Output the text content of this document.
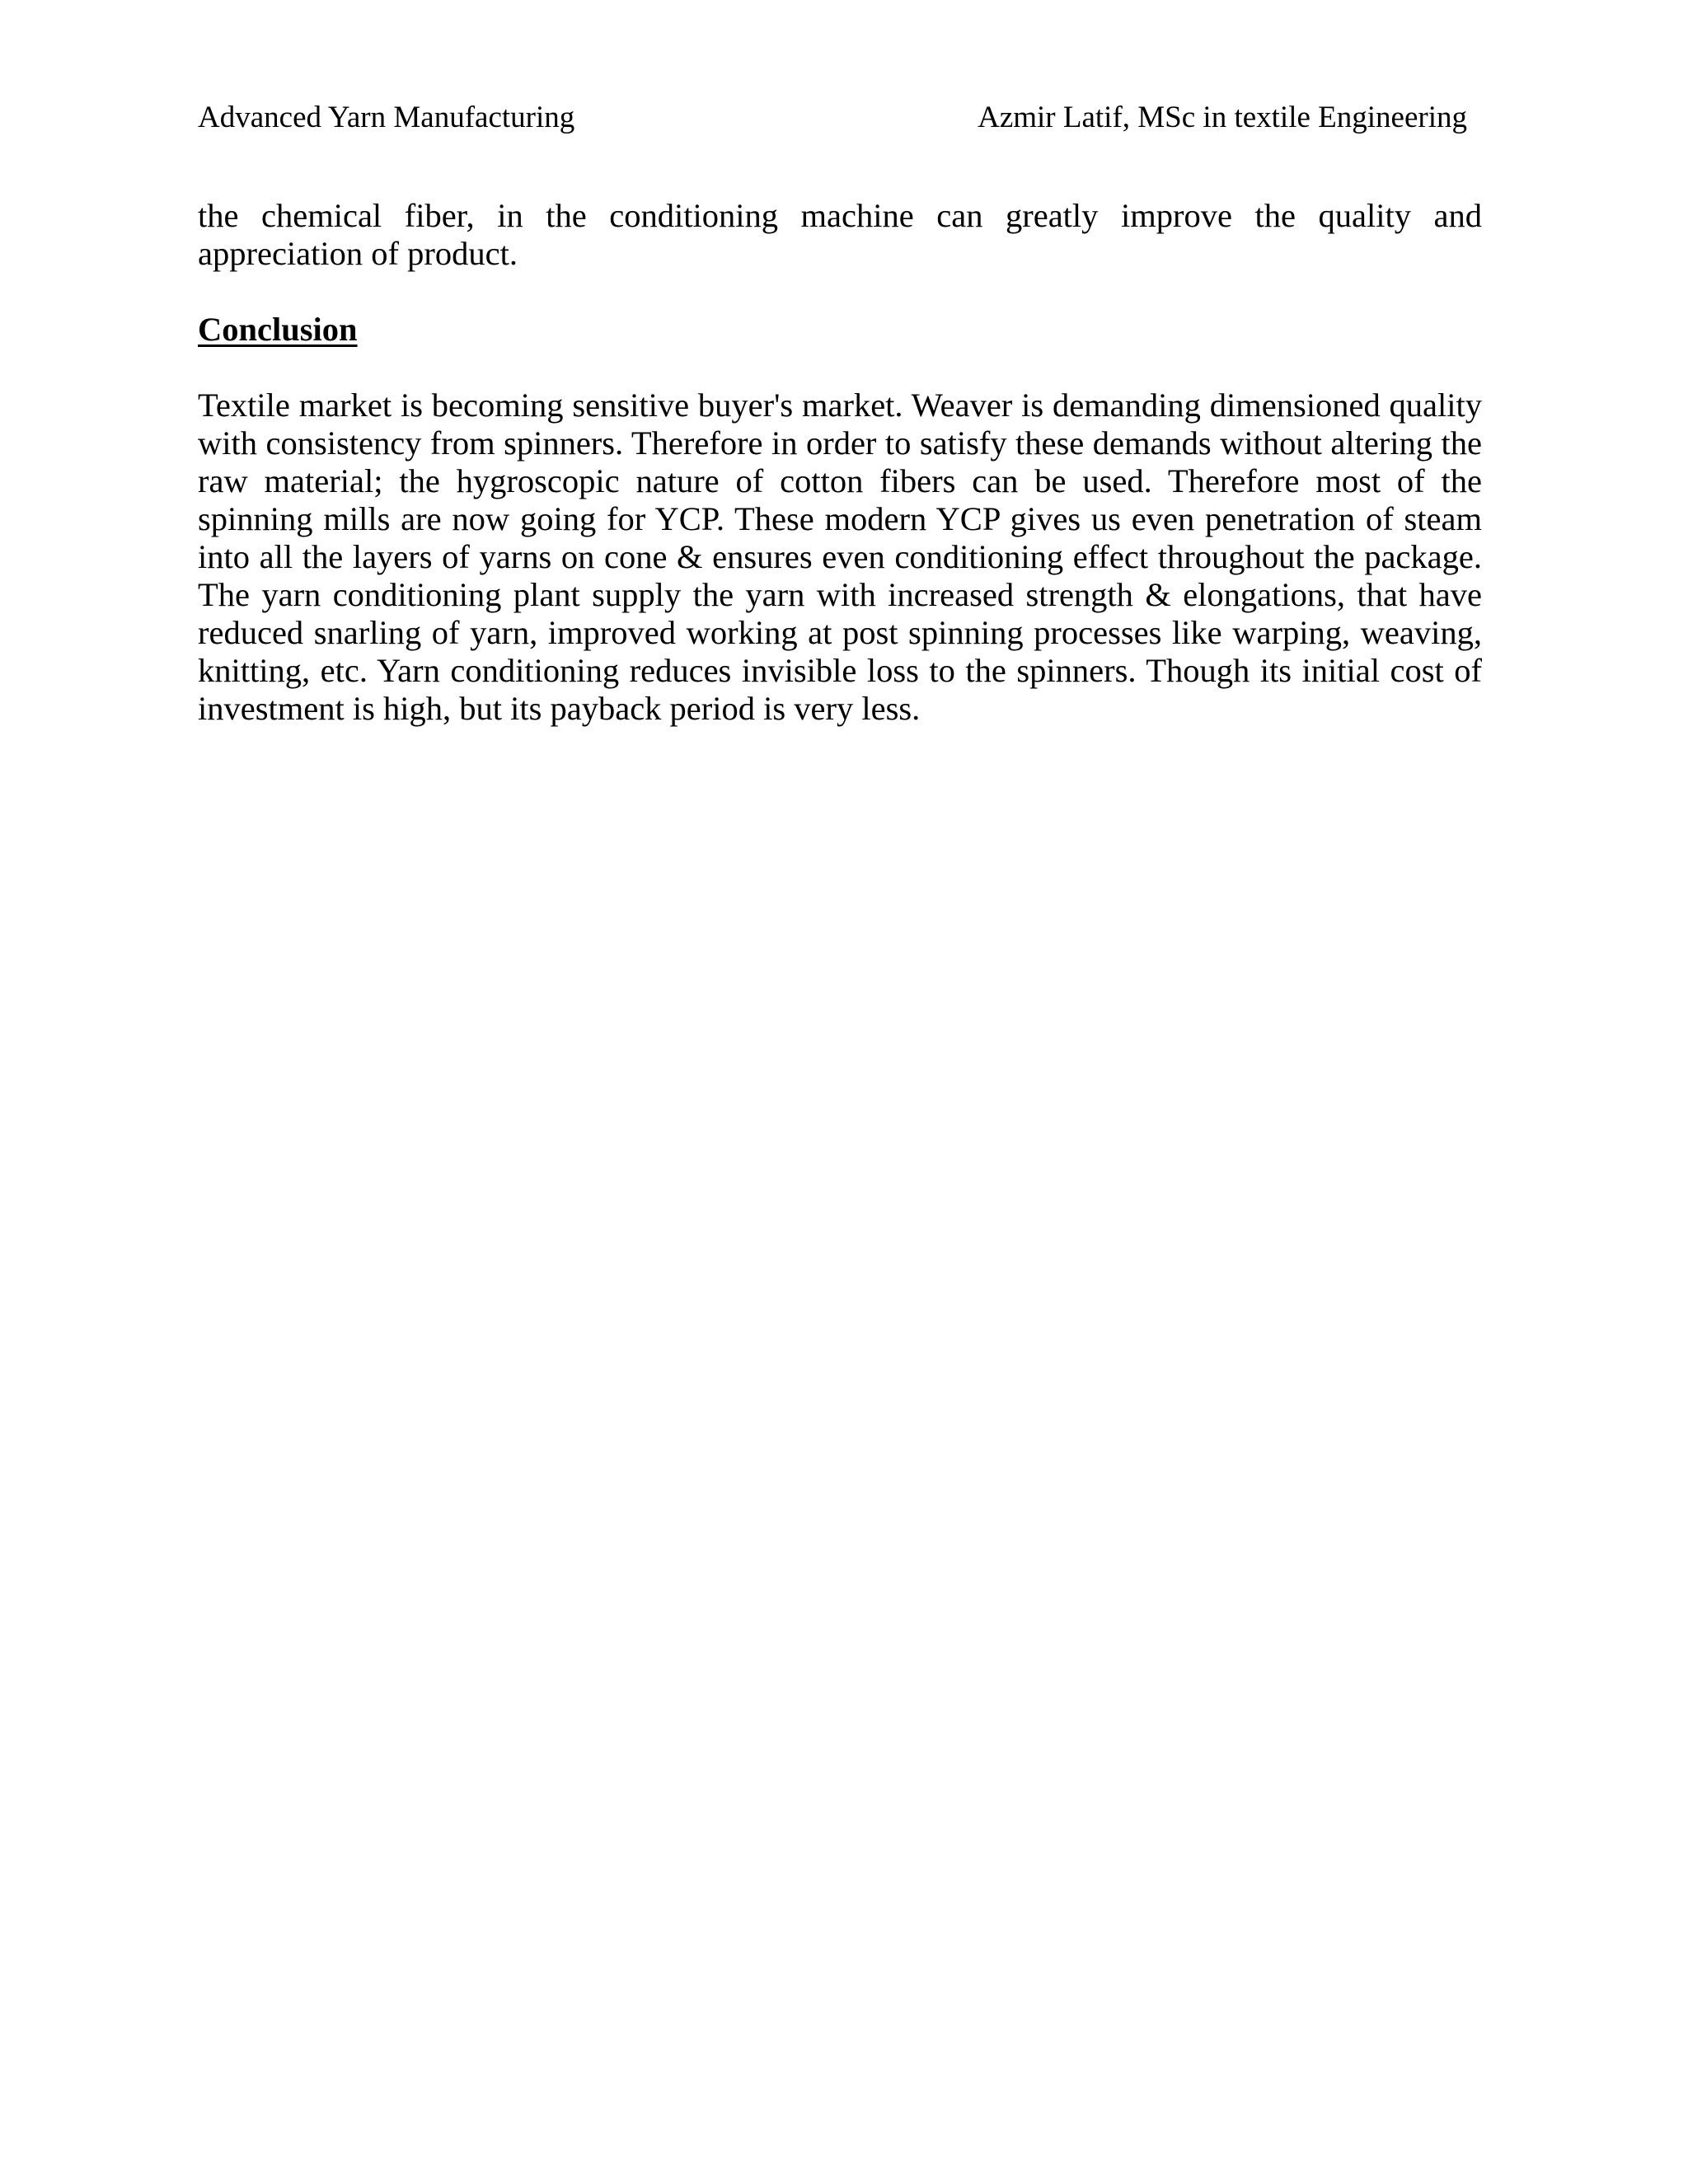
Advanced Yarn Manufacturing	Azmir Latif, MSc in textile Engineering

the chemical fiber, in the conditioning machine can greatly improve the quality and appreciation of product.

Conclusion

Textile market is becoming sensitive buyer's market. Weaver is demanding dimensioned quality with consistency from spinners. Therefore in order to satisfy these demands without altering the raw material; the hygroscopic nature of cotton fibers can be used. Therefore most of the spinning mills are now going for YCP. These modern YCP gives us even penetration of steam into all the layers of yarns on cone & ensures even conditioning effect throughout the package. The yarn conditioning plant supply the yarn with increased strength & elongations, that have reduced snarling of yarn, improved working at post spinning processes like warping, weaving, knitting, etc. Yarn conditioning reduces invisible loss to the spinners. Though its initial cost of investment is high, but its payback period is very less.
